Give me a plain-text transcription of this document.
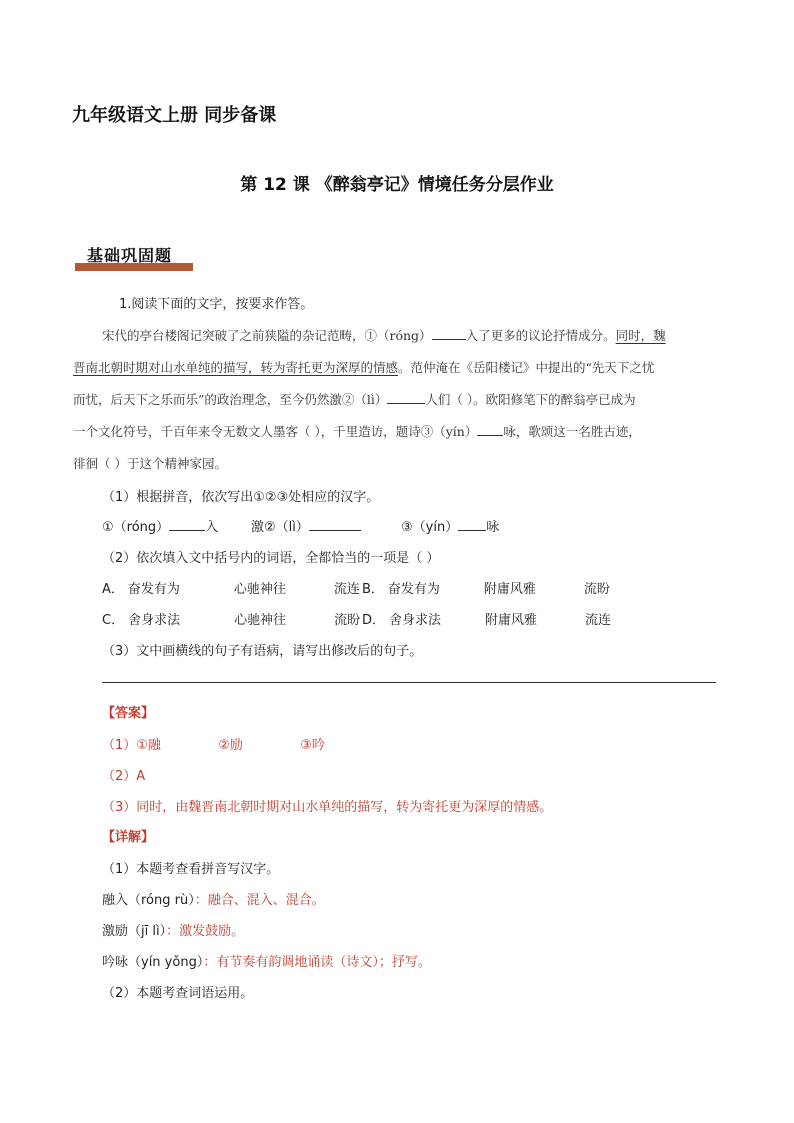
九年级语文上册 同步备课
第 12 课 《醉翁亭记》情境任务分层作业
基础巩固题
1.阅读下面的文字，按要求作答。
宋代的亭台楼阁记突破了之前狭隘的杂记范畴，①（róng）	入了更多的议论抒情成分。同时，魏
晋南北朝时期对山水单纯的描写，转为寄托更为深厚的情感。范仲淹在《岳阳楼记》中提出的“先天下之忧
而忧，后天下之乐而乐”的政治理念，至今仍然激②（lì）	人们（ ）。欧阳修笔下的醉翁亭已成为
一个文化符号，千百年来令无数文人墨客（ ），千里造访，题诗③（yín） 咏，歌颂这一名胜古迹，
徘徊（ ）于这个精神家园。
（1）根据拼音，依次写出①②③处相应的汉字。
①（róng）	入	激②（lì）	③（yín） 咏
（2）依次填入文中括号内的词语，全都恰当的一项是（ ）
A． 奋发有为	心驰神往	流连 B． 奋发有为	附庸风雅	流盼
C． 舍身求法	心驰神往	流盼 D． 舍身求法	附庸风雅	流连
（3）文中画横线的句子有语病，请写出修改后的句子。
【答案】
（1）①融	②励	③吟
（2）A
（3）同时，由魏晋南北朝时期对山水单纯的描写，转为寄托更为深厚的情感。
【详解】
（1）本题考查看拼音写汉字。
融入（róng rù）：融合、混入、混合。
激励（jī lì）：激发鼓励。
吟咏（yín yǒng）：有节奏有韵调地诵读（诗文）；抒写。
（2）本题考查词语运用。
